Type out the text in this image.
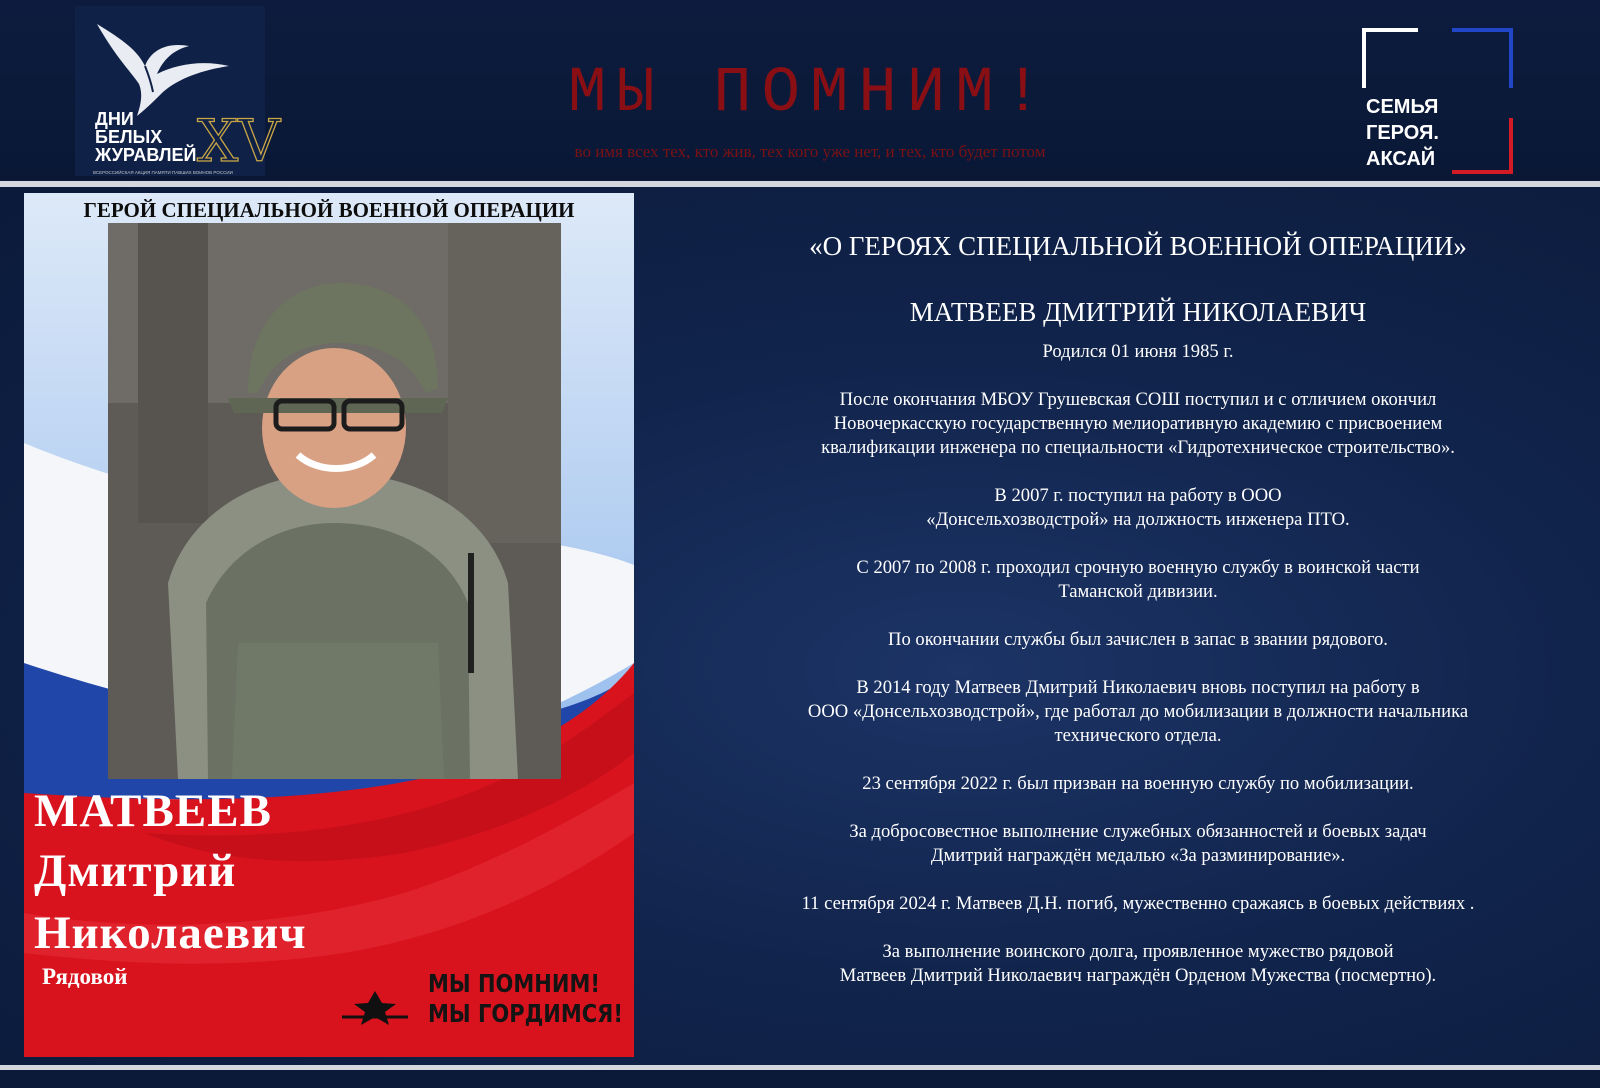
ДНИ
БЕЛЫХ
ЖУРАВЛЕЙ XV
ВСЕРОССИЙСКАЯ АКЦИЯ ПАМЯТИ ПАВШИХ ВОИНОВ РОССИИ
МЫ ПОМНИМ!
во имя всех тех, кто жив, тех кого уже нет, и тех, кто будет потом
СЕМЬЯ
ГЕРОЯ.
АКСАЙ
ГЕРОЙ СПЕЦИАЛЬНОЙ ВОЕННОЙ ОПЕРАЦИИ
МАТВЕЕВ
Дмитрий
Николаевич
Рядовой	МЫ ПОМНИМ!
МЫ ГОРДИМСЯ!
«О ГЕРОЯХ СПЕЦИАЛЬНОЙ ВОЕННОЙ ОПЕРАЦИИ»
МАТВЕЕВ ДМИТРИЙ НИКОЛАЕВИЧ

Родился 01 июня 1985 г.

После окончания МБОУ Грушевская СОШ поступил и с отличием окончил
Новочеркасскую государственную мелиоративную академию с присвоением
квалификации инженера по специальности «Гидротехническое строительство».

В 2007 г. поступил на работу в ООО
«Донсельхозводстрой» на должность инженера ПТО.

С 2007 по 2008 г. проходил срочную военную службу в воинской части
Таманской дивизии.

По окончании службы был зачислен в запас в звании рядового.

В 2014 году Матвеев Дмитрий Николаевич вновь поступил на работу в
ООО «Донсельхозводстрой», где работал до мобилизации в должности начальника
технического отдела.

23 сентября 2022 г. был призван на военную службу по мобилизации.

За добросовестное выполнение служебных обязанностей и боевых задач
Дмитрий награждён медалью «За разминирование».

11 сентября 2024 г. Матвеев Д.Н. погиб, мужественно сражаясь в боевых действиях .

За выполнение воинского долга, проявленное мужество рядовой
Матвеев Дмитрий Николаевич награждён Орденом Мужества (посмертно).
